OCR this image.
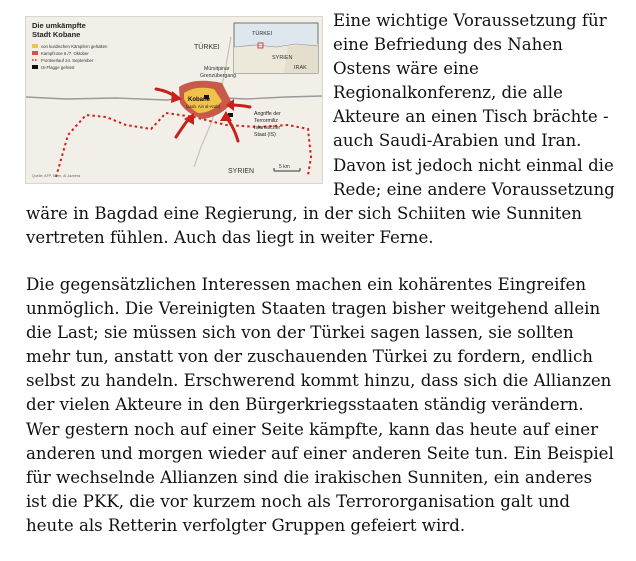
Die umkämpfte
Stadt Kobane
von kurdischen Kämpfern gehalten
Kampfzone 6./7. Oktober
Frontverlauf 24. September
IS-Flagge gehisst
TÜRKEI
Mürsitpinar
Grenzübergang
Kobane
(arab. Ain al-Arab)
Angriffe der
Terrormiliz
Islamischer
Staat (IS)
SYRIEN
5 km
Quelle: AFP, Stern, Al Jazeera
TÜRKEI
SYRIEN
IRAK

Eine wichtige Voraussetzung für eine Befriedung des Nahen Ostens wäre eine Regionalkonferenz, die alle Akteure an einen Tisch brächte - auch Saudi-Arabien und Iran. Davon ist jedoch nicht einmal die Rede; eine andere Voraussetzung wäre in Bagdad eine Regierung, in der sich Schiiten wie Sunniten vertreten fühlen. Auch das liegt in weiter Ferne.

Die gegensätzlichen Interessen machen ein kohärentes Eingreifen unmöglich. Die Vereinigten Staaten tragen bisher weitgehend allein die Last; sie müssen sich von der Türkei sagen lassen, sie sollten mehr tun, anstatt von der zuschauenden Türkei zu fordern, endlich selbst zu handeln. Erschwerend kommt hinzu, dass sich die Allianzen der vielen Akteure in den Bürgerkriegsstaaten ständig verändern. Wer gestern noch auf einer Seite kämpfte, kann das heute auf einer anderen und morgen wieder auf einer anderen Seite tun. Ein Beispiel für wechselnde Allianzen sind die irakischen Sunniten, ein anderes ist die PKK, die vor kurzem noch als Terrororganisation galt und heute als Retterin verfolgter Gruppen gefeiert wird.
